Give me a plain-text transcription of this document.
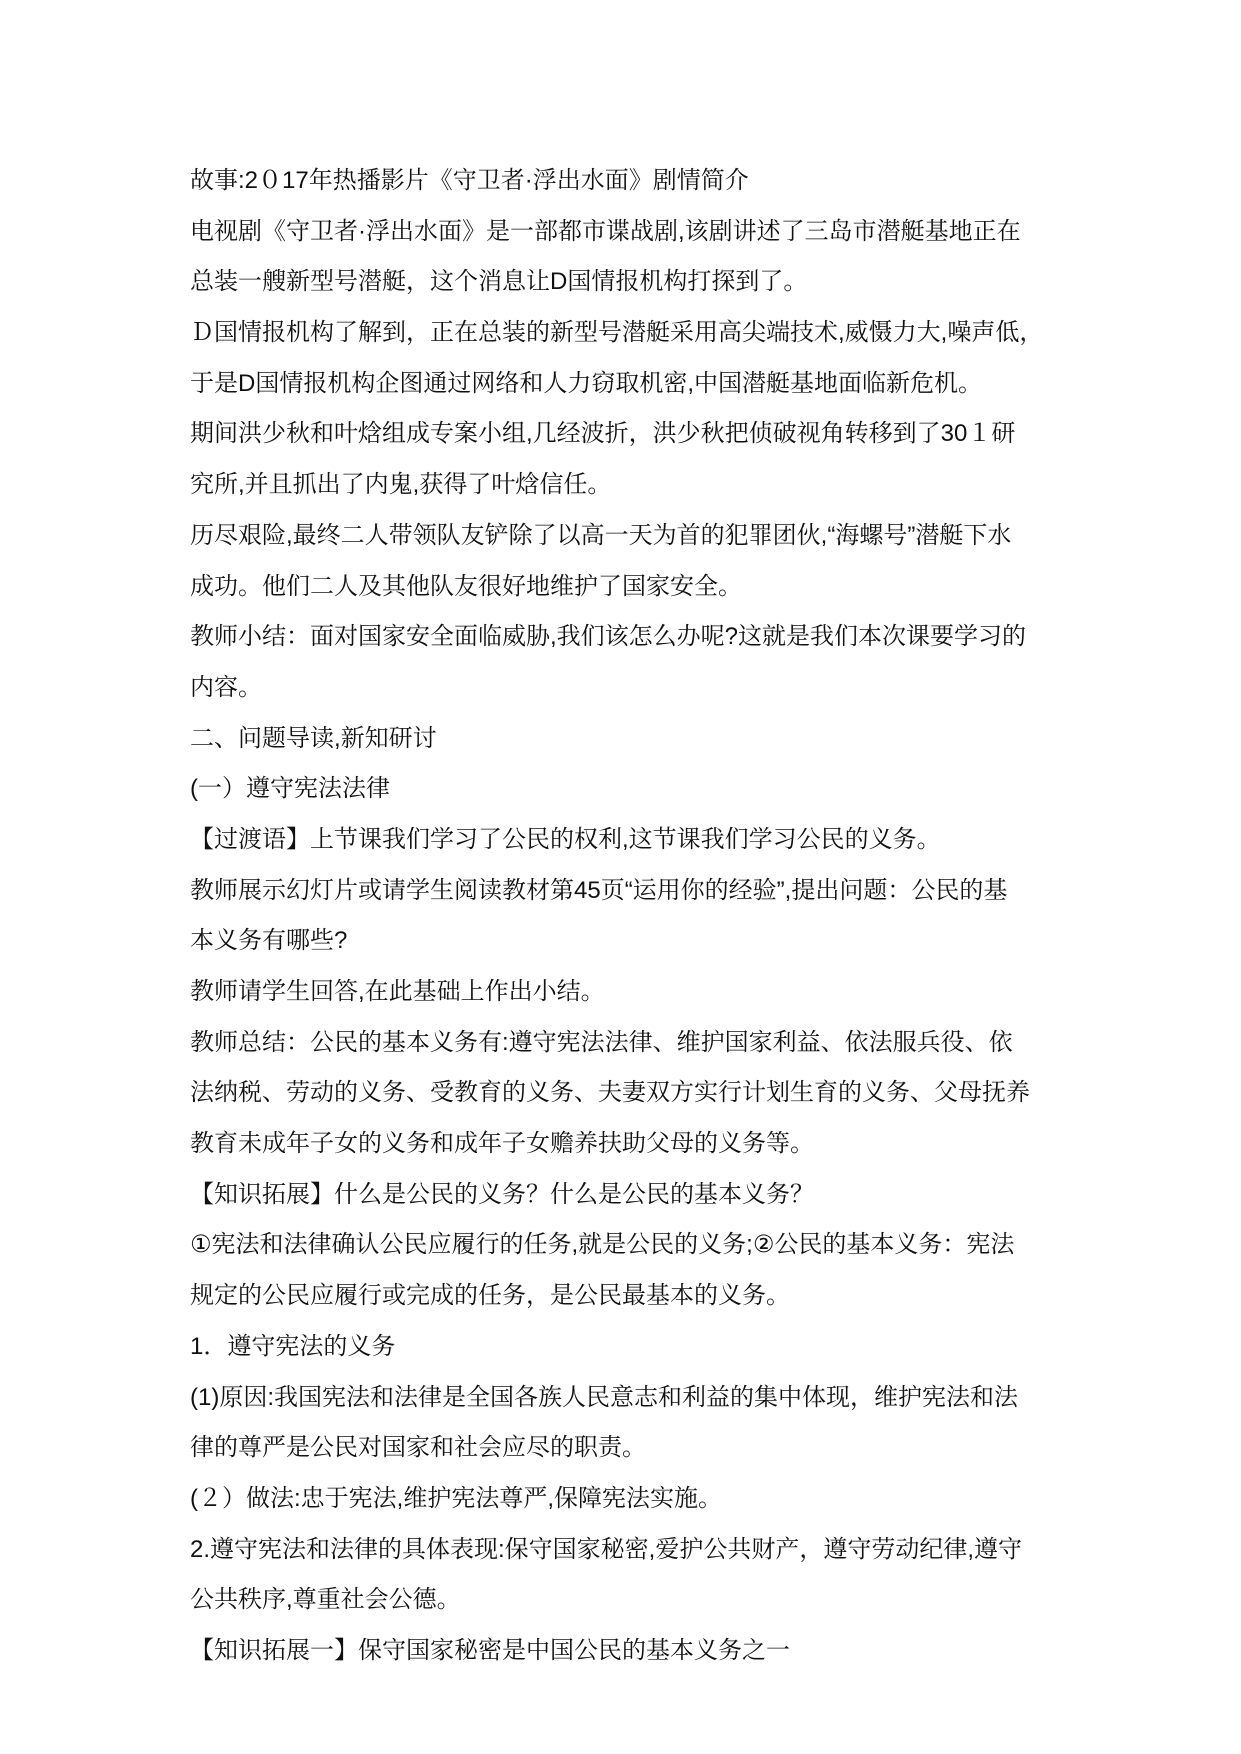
故事:2０17年热播影片《守卫者·浮出水面》剧情简介
电视剧《守卫者·浮出水面》是一部都市谍战剧,该剧讲述了三岛市潜艇基地正在
总装一艘新型号潜艇，这个消息让D国情报机构打探到了。
Ｄ国情报机构了解到，正在总装的新型号潜艇采用高尖端技术,威慑力大,噪声低，
于是D国情报机构企图通过网络和人力窃取机密,中国潜艇基地面临新危机。
期间洪少秋和叶焓组成专案小组,几经波折，洪少秋把侦破视角转移到了30１研
究所,并且抓出了内鬼,获得了叶焓信任。
历尽艰险,最终二人带领队友铲除了以高一天为首的犯罪团伙,“海螺号”潜艇下水
成功。他们二人及其他队友很好地维护了国家安全。
教师小结：面对国家安全面临威胁,我们该怎么办呢?这就是我们本次课要学习的
内容。
二、问题导读,新知研讨
(一）遵守宪法法律
【过渡语】上节课我们学习了公民的权利,这节课我们学习公民的义务。
教师展示幻灯片或请学生阅读教材第45页“运用你的经验”,提出问题：公民的基
本义务有哪些?
教师请学生回答,在此基础上作出小结。
教师总结：公民的基本义务有:遵守宪法法律、维护国家利益、依法服兵役、依
法纳税、劳动的义务、受教育的义务、夫妻双方实行计划生育的义务、父母抚养
教育未成年子女的义务和成年子女赡养扶助父母的义务等。
【知识拓展】什么是公民的义务？什么是公民的基本义务？
①宪法和法律确认公民应履行的任务,就是公民的义务;②公民的基本义务：宪法
规定的公民应履行或完成的任务，是公民最基本的义务。
1．遵守宪法的义务
(1)原因:我国宪法和法律是全国各族人民意志和利益的集中体现，维护宪法和法
律的尊严是公民对国家和社会应尽的职责。
(２）做法:忠于宪法,维护宪法尊严,保障宪法实施。
2.遵守宪法和法律的具体表现:保守国家秘密,爱护公共财产，遵守劳动纪律,遵守
公共秩序,尊重社会公德。
【知识拓展一】保守国家秘密是中国公民的基本义务之一
